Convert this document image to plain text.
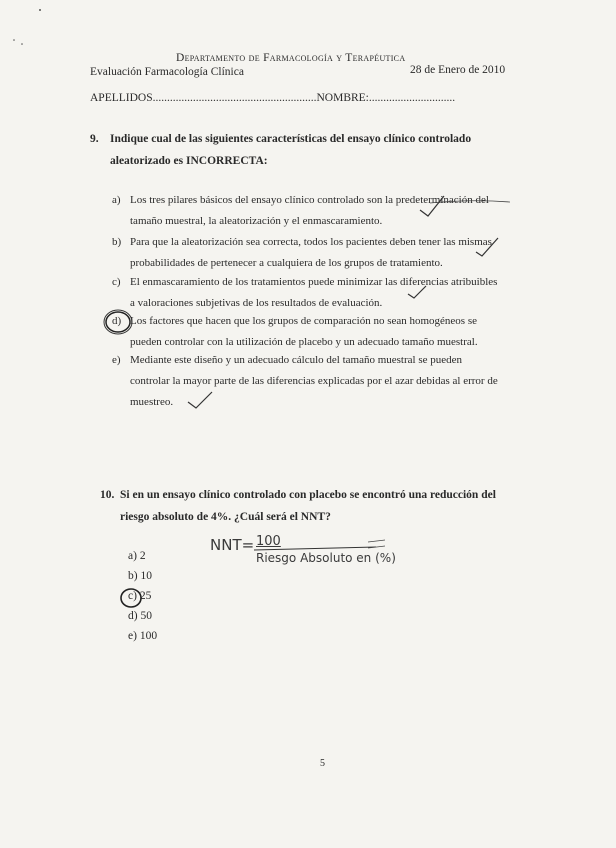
Departamento de Farmacología y Terapéutica
Evaluación Farmacología Clínica	28 de Enero de 2010
APELLIDOS.........................................................NOMBRE:..............................
9. Indique cual de las siguientes características del ensayo clínico controlado
aleatorizado es INCORRECTA:
a) Los tres pilares básicos del ensayo clínico controlado son la predeterminación del
tamaño muestral, la aleatorización y el enmascaramiento.
b) Para que la aleatorización sea correcta, todos los pacientes deben tener las mismas
probabilidades de pertenecer a cualquiera de los grupos de tratamiento.
c) El enmascaramiento de los tratamientos puede minimizar las diferencias atribuibles
a valoraciones subjetivas de los resultados de evaluación.
d) Los factores que hacen que los grupos de comparación no sean homogéneos se
pueden controlar con la utilización de placebo y un adecuado tamaño muestral.
e) Mediante este diseño y un adecuado cálculo del tamaño muestral se pueden
controlar la mayor parte de las diferencias explicadas por el azar debidas al error de
muestreo.
10. Si en un ensayo clínico controlado con placebo se encontró una reducción del
riesgo absoluto de 4%. ¿Cuál será el NNT?
a) 2
b) 10
c) 25
d) 50
e) 100
NNT= 100
Riesgo Absoluto en (%)
5
